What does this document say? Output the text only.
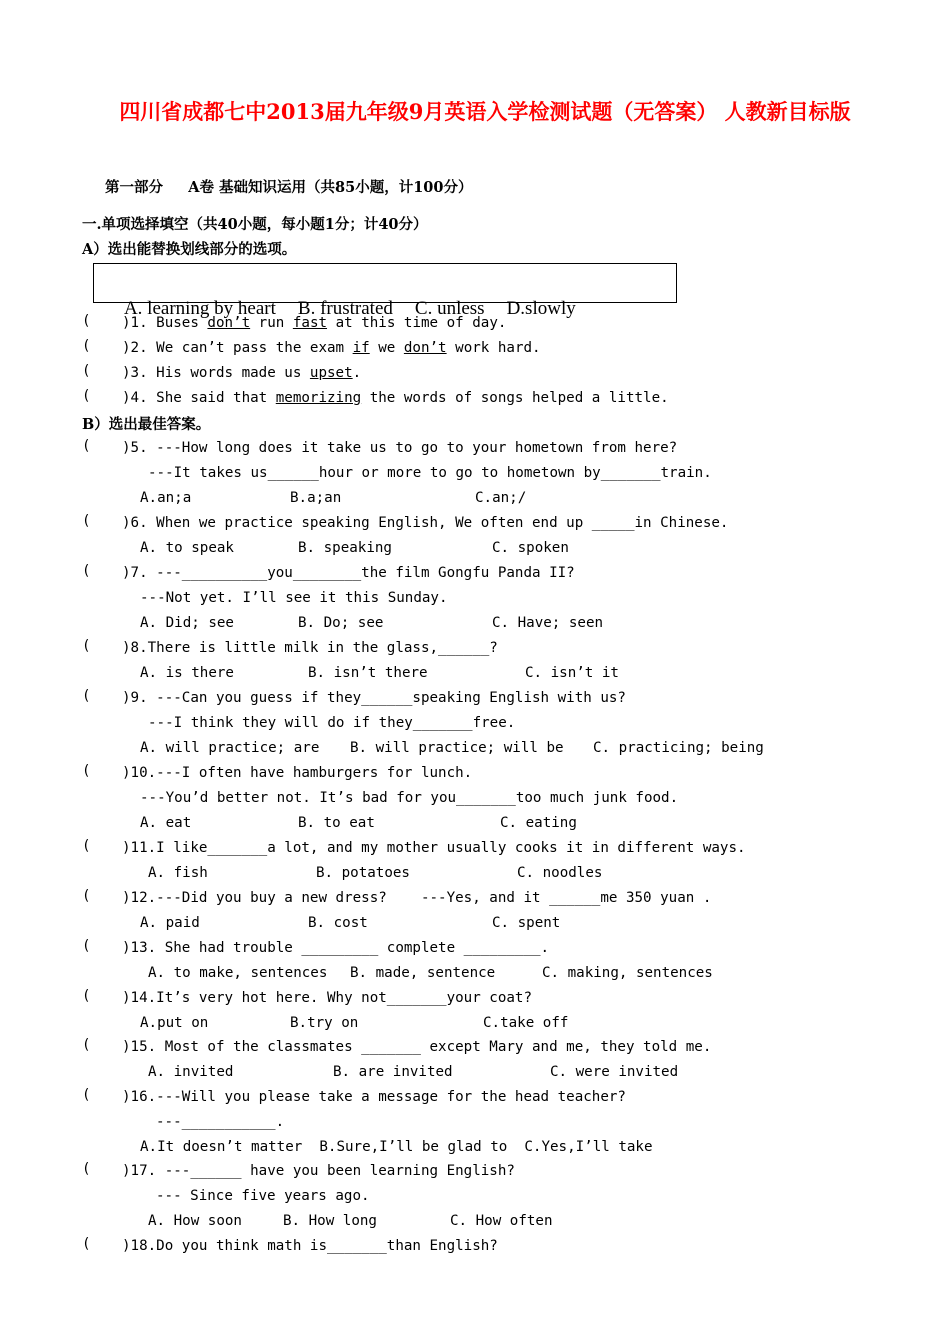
四川省成都七中2013届九年级9月英语入学检测试题（无答案） 人教新目标版
第一部分     A卷 基础知识运用（共85小题，计100分）
一.单项选择填空（共40小题，每小题1分；计40分）
A）选出能替换划线部分的选项。

A. learning by heart B. frustrated C. unless D.slowly

( )1. Buses don’t run fast at this time of day.
( )2. We can’t pass the exam if we don’t work hard.
( )3. His words made us upset.
( )4. She said that memorizing the words of songs helped a little.
B）选出最佳答案。
( )5. ---How long does it take us to go to your hometown from here?
---It takes us______hour or more to go to hometown by_______train.
A.an;a	B.a;an	C.an;/
( )6. When we practice speaking English, We often end up _____in Chinese.
A. to speak	B. speaking	C. spoken
( )7. ---__________you________the film Gongfu Panda II?
---Not yet. I’ll see it this Sunday.
A. Did; see	B. Do; see	C. Have; seen
( )8.There is little milk in the glass,______?
A. is there	B. isn’t there	C. isn’t it
( )9. ---Can you guess if they______speaking English with us?
---I think they will do if they_______free.
A. will practice; are B. will practice; will be C. practicing; being
( )10.---I often have hamburgers for lunch.
---You’d better not. It’s bad for you_______too much junk food.
A. eat	B. to eat	C. eating
( )11.I like_______a lot, and my mother usually cooks it in different ways.
A. fish	B. potatoes	C. noodles
( )12.---Did you buy a new dress?    ---Yes, and it ______me 350 yuan .
A. paid	B. cost	C. spent
( )13. She had trouble _________ complete _________.
A. to make, sentences B. made, sentence	C. making, sentences
( )14.It’s very hot here. Why not_______your coat?
A.put on	B.try on	C.take off
( )15. Most of the classmates _______ except Mary and me, they told me.
A. invited	B. are invited	C. were invited
( )16.---Will you please take a message for the head teacher?
---___________.
A.It doesn’t matter  B.Sure,I’ll be glad to  C.Yes,I’ll take
( )17. ---______ have you been learning English?
--- Since five years ago.
A. How soon	B. How long	C. How often
( )18.Do you think math is_______than English?
